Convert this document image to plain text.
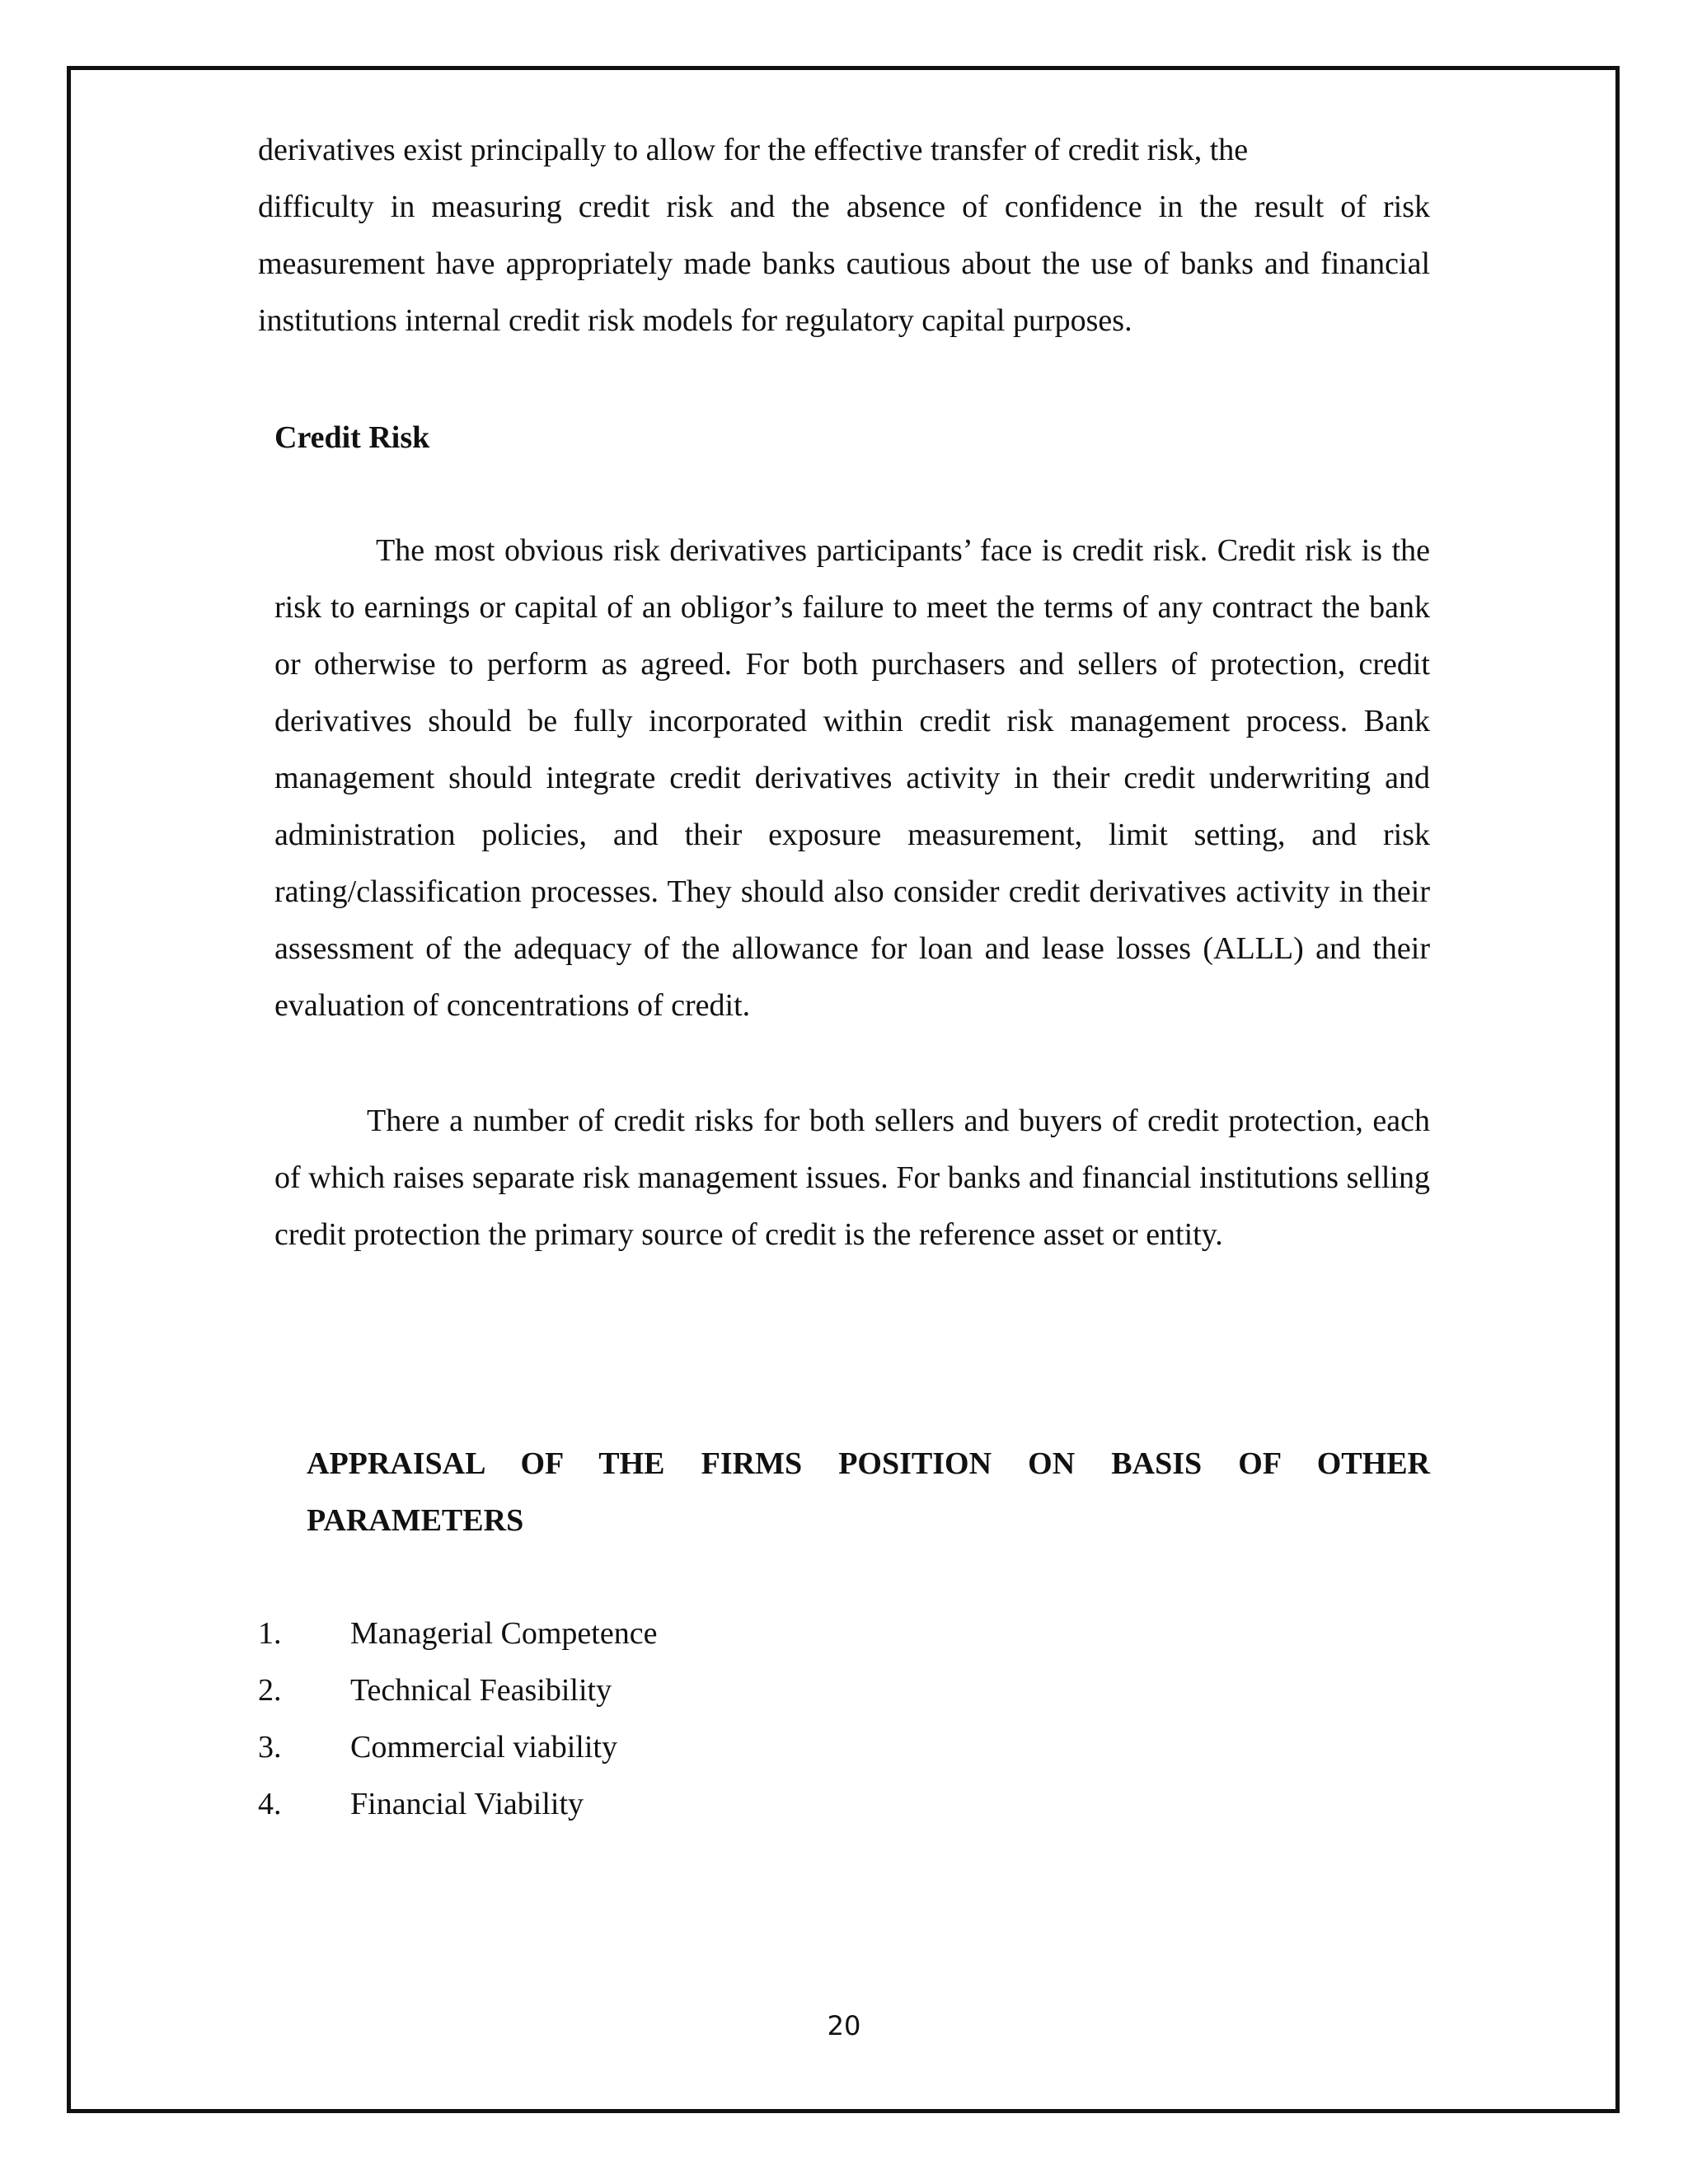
derivatives exist principally to allow for the effective transfer of credit risk, the
difficulty in measuring credit risk and the absence of confidence in the result of risk measurement have appropriately made banks cautious about the use of banks and financial institutions internal credit risk models for regulatory capital purposes.
Credit Risk
The most obvious risk derivatives participants’ face is credit risk. Credit risk is the risk to earnings or capital of an obligor’s failure to meet the terms of any contract the bank or otherwise to perform as agreed. For both purchasers and sellers of protection, credit derivatives should be fully incorporated within credit risk management process. Bank management should integrate credit derivatives activity in their credit underwriting and administration policies, and their exposure measurement, limit setting, and risk rating/classification processes. They should also consider credit derivatives activity in their assessment of the adequacy of the allowance for loan and lease losses (ALLL) and their evaluation of concentrations of credit.
There a number of credit risks for both sellers and buyers of credit protection, each of which raises separate risk management issues. For banks and financial institutions selling credit protection the primary source of credit is the reference asset or entity.
APPRAISAL OF THE FIRMS POSITION ON BASIS OF OTHER
PARAMETERS
1.	Managerial Competence
2.	Technical Feasibility
3.	Commercial viability
4.	Financial Viability
20
